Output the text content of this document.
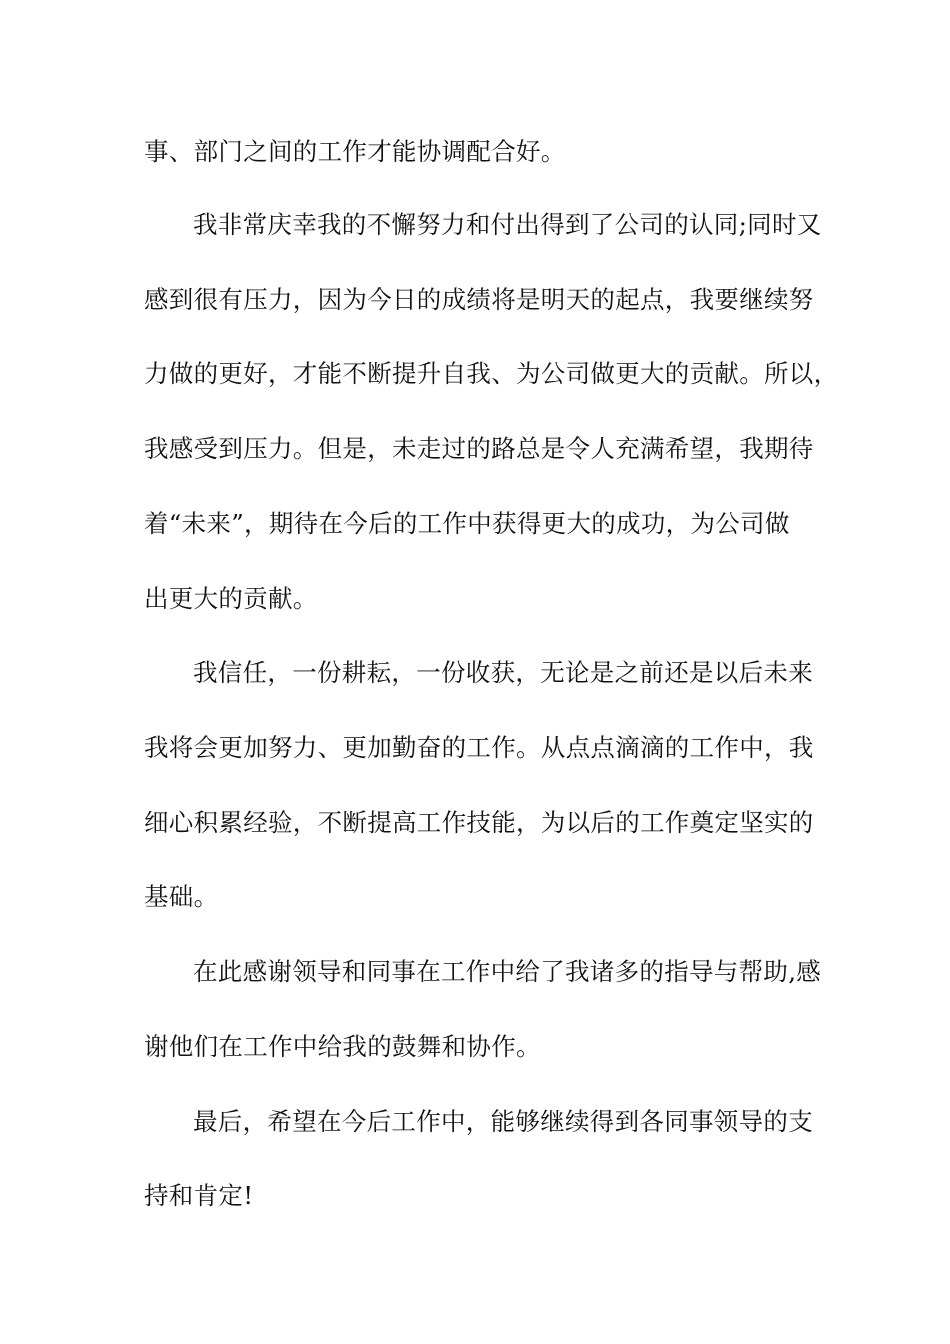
事、部门之间的工作才能协调配合好。
我非常庆幸我的不懈努力和付出得到了公司的认同;同时又
感到很有压力，因为今日的成绩将是明天的起点，我要继续努
力做的更好，才能不断提升自我、为公司做更大的贡献。所以，
我感受到压力。但是，未走过的路总是令人充满希望，我期待
着“未来”，期待在今后的工作中获得更大的成功，为公司做
出更大的贡献。
我信任，一份耕耘，一份收获，无论是之前还是以后未来
我将会更加努力、更加勤奋的工作。从点点滴滴的工作中，我
细心积累经验，不断提高工作技能，为以后的工作奠定坚实的
基础。
在此感谢领导和同事在工作中给了我诸多的指导与帮助,感
谢他们在工作中给我的鼓舞和协作。
最后，希望在今后工作中，能够继续得到各同事领导的支
持和肯定!
